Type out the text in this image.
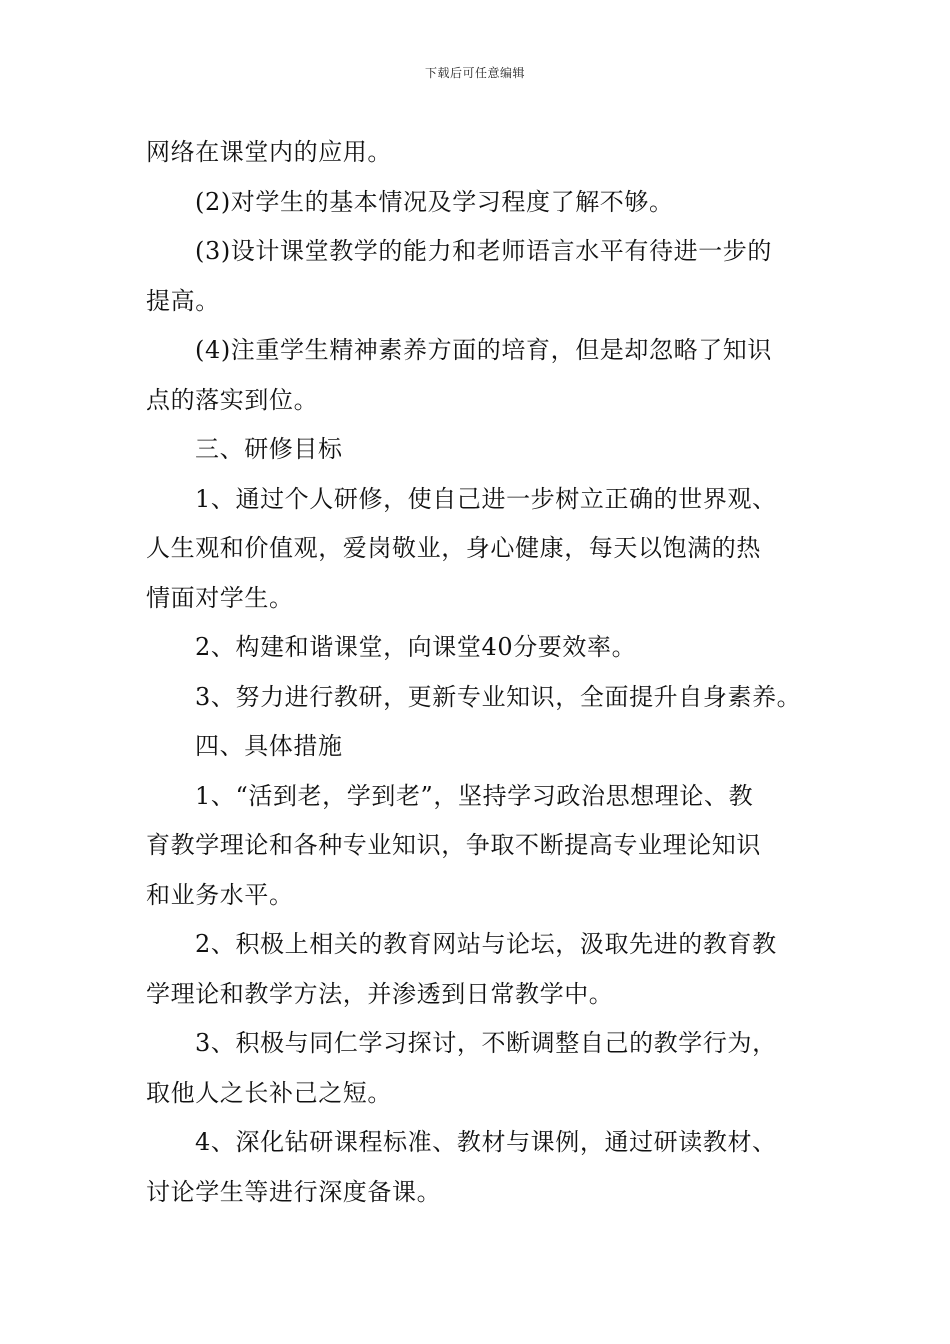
下载后可任意编辑
网络在课堂内的应用。
(2)对学生的基本情况及学习程度了解不够。
(3)设计课堂教学的能力和老师语言水平有待进一步的
提高。
(4)注重学生精神素养方面的培育，但是却忽略了知识
点的落实到位。
三、研修目标
1、通过个人研修，使自己进一步树立正确的世界观、
人生观和价值观，爱岗敬业，身心健康，每天以饱满的热
情面对学生。
2、构建和谐课堂，向课堂40分要效率。
3、努力进行教研，更新专业知识，全面提升自身素养。
四、具体措施
1、“活到老，学到老”，坚持学习政治思想理论、教
育教学理论和各种专业知识，争取不断提高专业理论知识
和业务水平。
2、积极上相关的教育网站与论坛，汲取先进的教育教
学理论和教学方法，并渗透到日常教学中。
3、积极与同仁学习探讨，不断调整自己的教学行为，
取他人之长补己之短。
4、深化钻研课程标准、教材与课例，通过研读教材、
讨论学生等进行深度备课。
